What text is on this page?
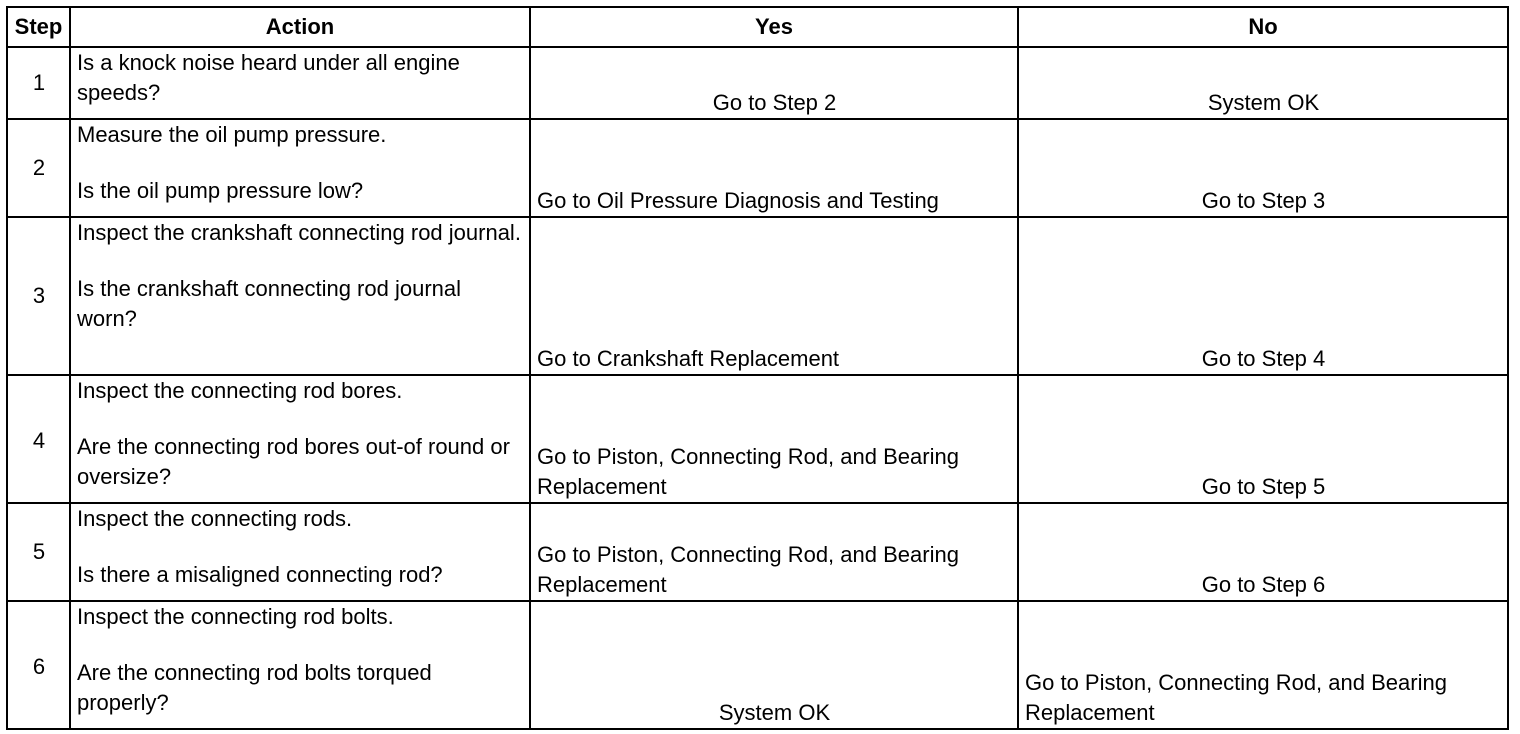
Step	Action	Yes	No
1	Is a knock noise heard under all engine speeds?	Go to Step 2	System OK
2	Measure the oil pump pressure.
Is the oil pump pressure low?	Go to Oil Pressure Diagnosis and Testing	Go to Step 3
3	Inspect the crankshaft connecting rod journal.
Is the crankshaft connecting rod journal worn?	Go to Crankshaft Replacement	Go to Step 4

4	Inspect the connecting rod bores.
Are the connecting rod bores out-of round or oversize?	Go to Piston, Connecting Rod, and Bearing Replacement	Go to Step 5
5	Inspect the connecting rods.
Is there a misaligned connecting rod?	Go to Piston, Connecting Rod, and Bearing Replacement	Go to Step 6

6	Inspect the connecting rod bolts.
Are the connecting rod bolts torqued properly?	System OK	Go to Piston, Connecting Rod, and Bearing Replacement
